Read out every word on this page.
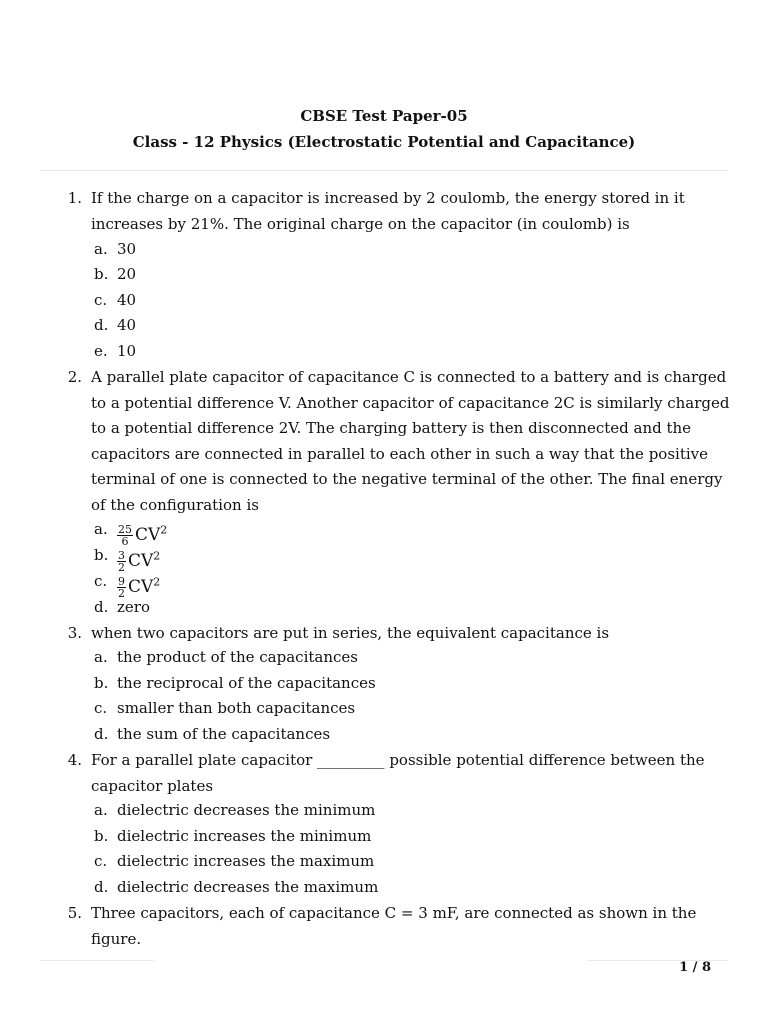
CBSE Test Paper-05
Class - 12 Physics (Electrostatic Potential and Capacitance)
1. If the charge on a capacitor is increased by 2 coulomb, the energy stored in it increases by 21%. The original charge on the capacitor (in coulomb) is
a. 30
b. 20
c. 40
d. 40
e. 10
2. A parallel plate capacitor of capacitance C is connected to a battery and is charged to a potential difference V. Another capacitor of capacitance 2C is similarly charged to a potential difference 2V. The charging battery is then disconnected and the capacitors are connected in parallel to each other in such a way that the positive terminal of one is connected to the negative terminal of the other. The final energy of the configuration is
a. $\frac{25}{6} CV^2$
b. $\frac{3}{2} CV^2$
c. $\frac{9}{2} CV^2$
d. zero
3. when two capacitors are put in series, the equivalent capacitance is
a. the product of the capacitances
b. the reciprocal of the capacitances
c. smaller than both capacitances
d. the sum of the capacitances
4. For a parallel plate capacitor _________ possible potential difference between the capacitor plates
a. dielectric decreases the minimum
b. dielectric increases the minimum
c. dielectric increases the maximum
d. dielectric decreases the maximum
5. Three capacitors, each of capacitance C = 3 mF, are connected as shown in the figure.
1 / 8
